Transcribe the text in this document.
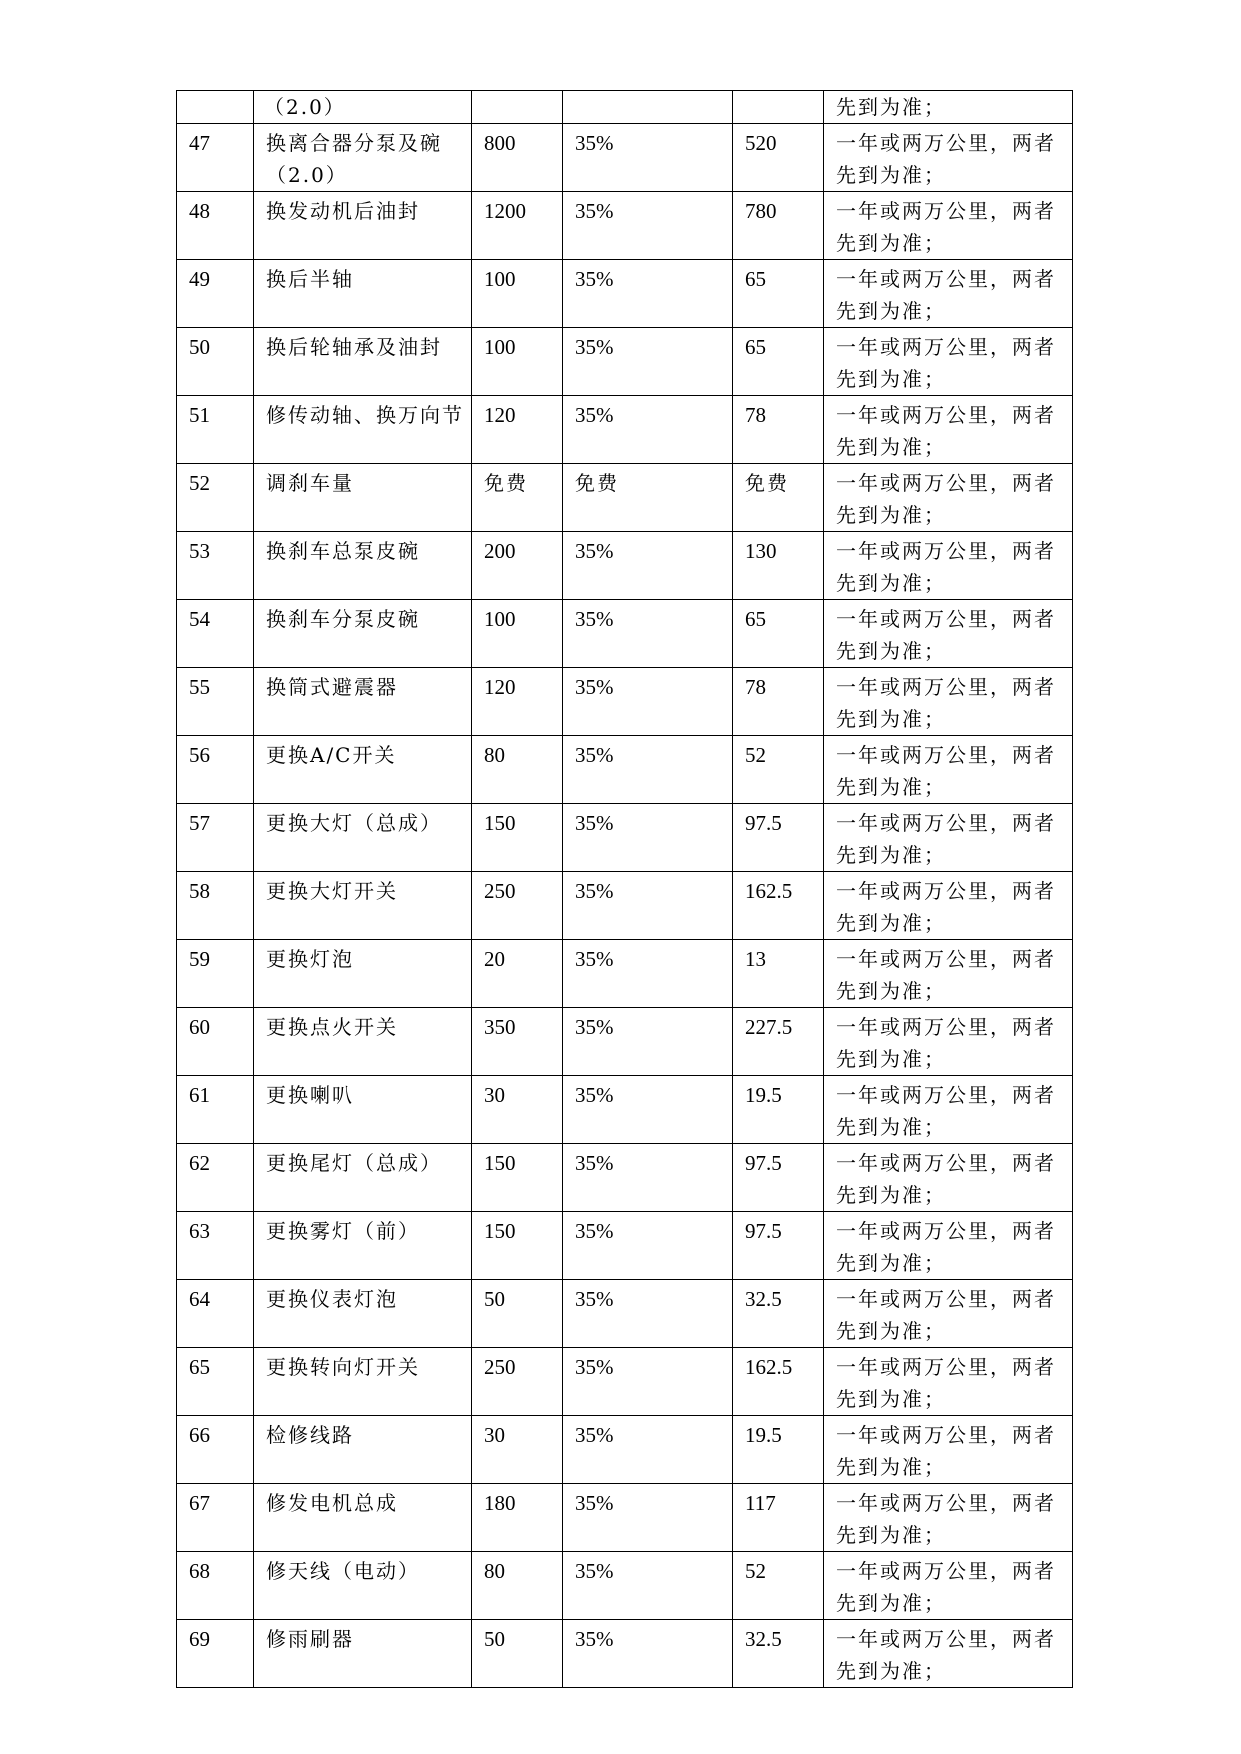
	（2.0）				先到为准；
47	换离合器分泵及碗（2.0）	800	35%	520	一年或两万公里，两者先到为准；
48	换发动机后油封	1200	35%	780	一年或两万公里，两者先到为准；
49	换后半轴	100	35%	65	一年或两万公里，两者先到为准；
50	换后轮轴承及油封	100	35%	65	一年或两万公里，两者先到为准；
51	修传动轴、换万向节	120	35%	78	一年或两万公里，两者先到为准；
52	调刹车量	免费	免费	免费	一年或两万公里，两者先到为准；
53	换刹车总泵皮碗	200	35%	130	一年或两万公里，两者先到为准；
54	换刹车分泵皮碗	100	35%	65	一年或两万公里，两者先到为准；
55	换筒式避震器	120	35%	78	一年或两万公里，两者先到为准；
56	更换A/C开关	80	35%	52	一年或两万公里，两者先到为准；
57	更换大灯（总成）	150	35%	97.5	一年或两万公里，两者先到为准；
58	更换大灯开关	250	35%	162.5	一年或两万公里，两者先到为准；
59	更换灯泡	20	35%	13	一年或两万公里，两者先到为准；
60	更换点火开关	350	35%	227.5	一年或两万公里，两者先到为准；
61	更换喇叭	30	35%	19.5	一年或两万公里，两者先到为准；
62	更换尾灯（总成）	150	35%	97.5	一年或两万公里，两者先到为准；
63	更换雾灯（前）	150	35%	97.5	一年或两万公里，两者先到为准；
64	更换仪表灯泡	50	35%	32.5	一年或两万公里，两者先到为准；
65	更换转向灯开关	250	35%	162.5	一年或两万公里，两者先到为准；
66	检修线路	30	35%	19.5	一年或两万公里，两者先到为准；
67	修发电机总成	180	35%	117	一年或两万公里，两者先到为准；
68	修天线（电动）	80	35%	52	一年或两万公里，两者先到为准；
69	修雨刷器	50	35%	32.5	一年或两万公里，两者先到为准；
